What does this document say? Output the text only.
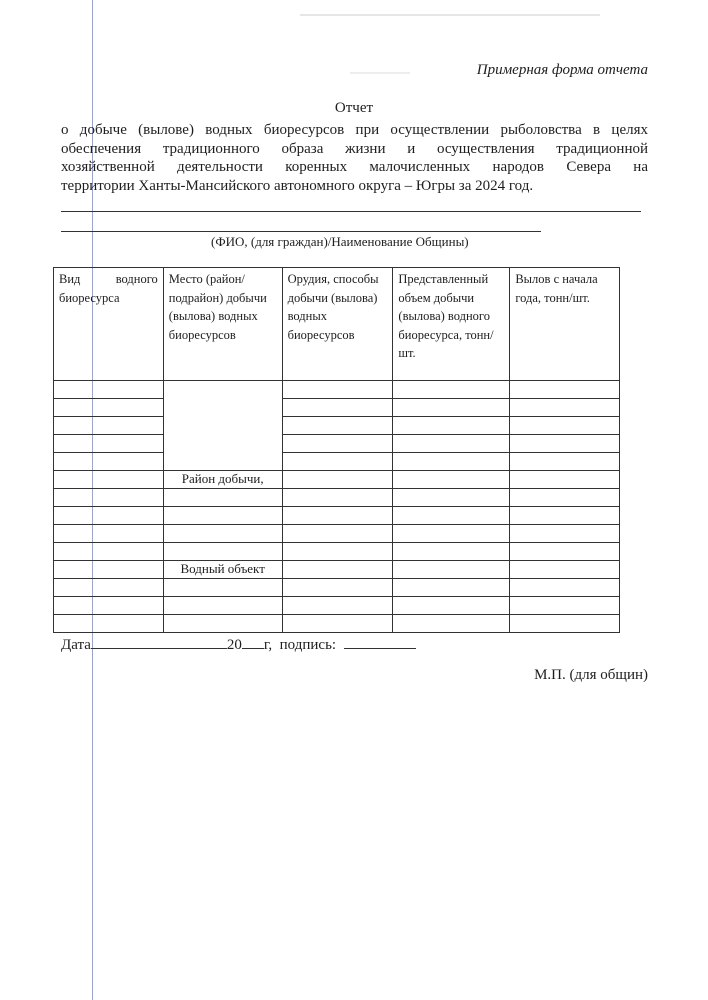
Примерная форма отчета
Отчет
о добыче (вылове) водных биоресурсов при осуществлении рыболовства в целях
обеспечения традиционного образа жизни и осуществления традиционной
хозяйственной деятельности коренных малочисленных народов Севера на
территории Ханты-Мансийского автономного округа – Югры за 2024 год.
(ФИО, (для граждан)/Наименование Общины)
Вид водного биоресурса	Место (район/подрайон) добычи (вылова) водных биоресурсов	Орудия, способы добычи (вылова) водных биоресурсов	Представленный объем добычи (вылова) водного биоресурса, тонн/шт.	Вылов с начала года, тонн/шт.

	Район добычи,			

	Водный объект			

Дата	20 г, подпись:
М.П. (для общин)
